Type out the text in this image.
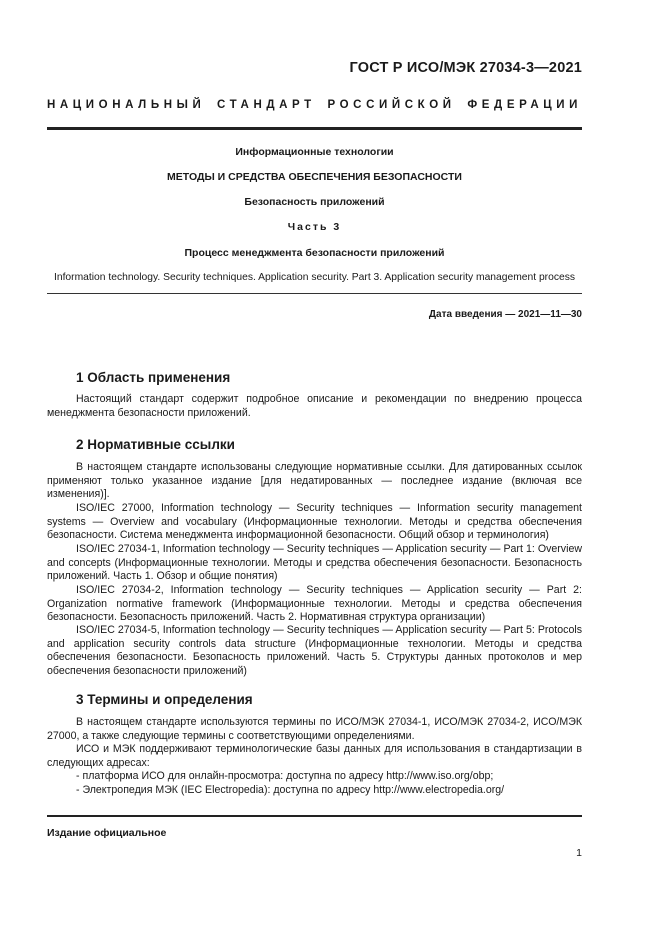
ГОСТ Р ИСО/МЭК 27034-3—2021
НАЦИОНАЛЬНЫЙ СТАНДАРТ РОССИЙСКОЙ ФЕДЕРАЦИИ
Информационные технологии
МЕТОДЫ И СРЕДСТВА ОБЕСПЕЧЕНИЯ БЕЗОПАСНОСТИ
Безопасность приложений
Часть 3
Процесс менеджмента безопасности приложений
Information technology. Security techniques. Application security. Part 3. Application security management process
Дата введения — 2021—11—30
1 Область применения

Настоящий стандарт содержит подробное описание и рекомендации по внедрению процесса менеджмента безопасности приложений.

2 Нормативные ссылки

В настоящем стандарте использованы следующие нормативные ссылки. Для датированных ссылок применяют только указанное издание [для недатированных — последнее издание (включая все изменения)].

ISO/IEC 27000, Information technology — Security techniques — Information security management systems — Overview and vocabulary (Информационные технологии. Методы и средства обеспечения безопасности. Система менеджмента информационной безопасности. Общий обзор и терминология)

ISO/IEC 27034-1, Information technology — Security techniques — Application security — Part 1: Overview and concepts (Информационные технологии. Методы и средства обеспечения безопасности. Безопасность приложений. Часть 1. Обзор и общие понятия)

ISO/IEC 27034-2, Information technology — Security techniques — Application security — Part 2: Organization normative framework (Информационные технологии. Методы и средства обеспечения безопасности. Безопасность приложений. Часть 2. Нормативная структура организации)

ISO/IEC 27034-5, Information technology — Security techniques — Application security — Part 5: Protocols and application security controls data structure (Информационные технологии. Методы и средства обеспечения безопасности. Безопасность приложений. Часть 5. Структуры данных протоколов и мер обеспечения безопасности приложений)

3 Термины и определения

В настоящем стандарте используются термины по ИСО/МЭК 27034-1, ИСО/МЭК 27034-2, ИСО/МЭК 27000, а также следующие термины с соответствующими определениями.

ИСО и МЭК поддерживают терминологические базы данных для использования в стандартизации в следующих адресах:

- платформа ИСО для онлайн-просмотра: доступна по адресу http://www.iso.org/obp;
- Электропедия МЭК (IEC Electropedia): доступна по адресу http://www.electropedia.org/
Издание официальное
1
